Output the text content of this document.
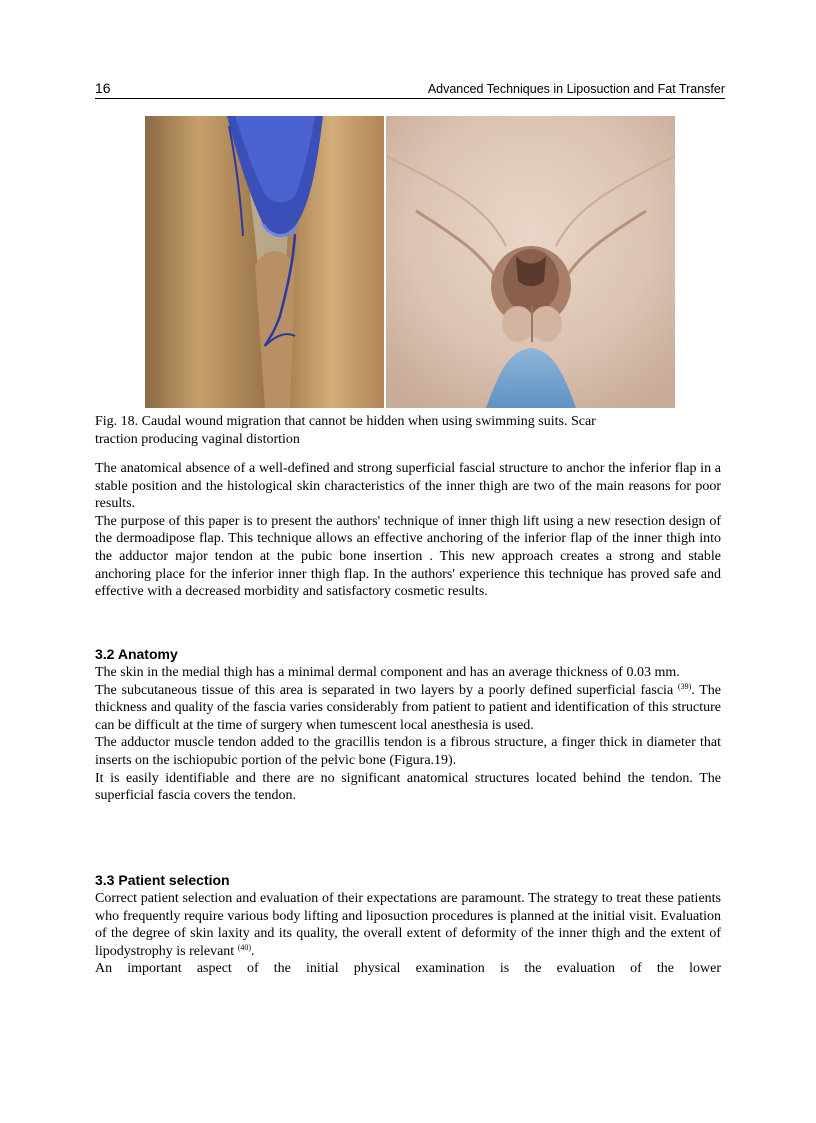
16	Advanced Techniques in Liposuction and Fat Transfer
Fig. 18. Caudal wound migration that cannot be hidden when using swimming suits. Scar
traction producing vaginal distortion

The anatomical absence of a well-defined and strong superficial fascial structure to anchor the inferior flap in a stable position and the histological skin characteristics of the inner thigh are two of the main reasons for poor results.

The purpose of this paper is to present the authors' technique of inner thigh lift using a new resection design of the dermoadipose flap. This technique allows an effective anchoring of the inferior flap of the inner thigh into the adductor major tendon at the pubic bone insertion . This new approach creates a strong and stable anchoring place for the inferior inner thigh flap. In the authors' experience this technique has proved safe and effective with a decreased morbidity and satisfactory cosmetic results.

3.2 Anatomy

The skin in the medial thigh has a minimal dermal component and has an average thickness of 0.03 mm.

The subcutaneous tissue of this area is separated in two layers by a poorly defined superficial fascia $^{(39)}$. The thickness and quality of the fascia varies considerably from patient to patient and identification of this structure can be difficult at the time of surgery when tumescent local anesthesia is used.

The adductor muscle tendon added to the gracillis tendon is a fibrous structure, a finger thick in diameter that inserts on the ischiopubic portion of the pelvic bone (Figura.19).

It is easily identifiable and there are no significant anatomical structures located behind the tendon. The superficial fascia covers the tendon.

3.3 Patient selection

Correct patient selection and evaluation of their expectations are paramount. The strategy to treat these patients who frequently require various body lifting and liposuction procedures is planned at the initial visit. Evaluation of the degree of skin laxity and its quality, the overall extent of deformity of the inner thigh and the extent of lipodystrophy is relevant $^{(40)}$.

An important aspect of the initial physical examination is the evaluation of the lower
